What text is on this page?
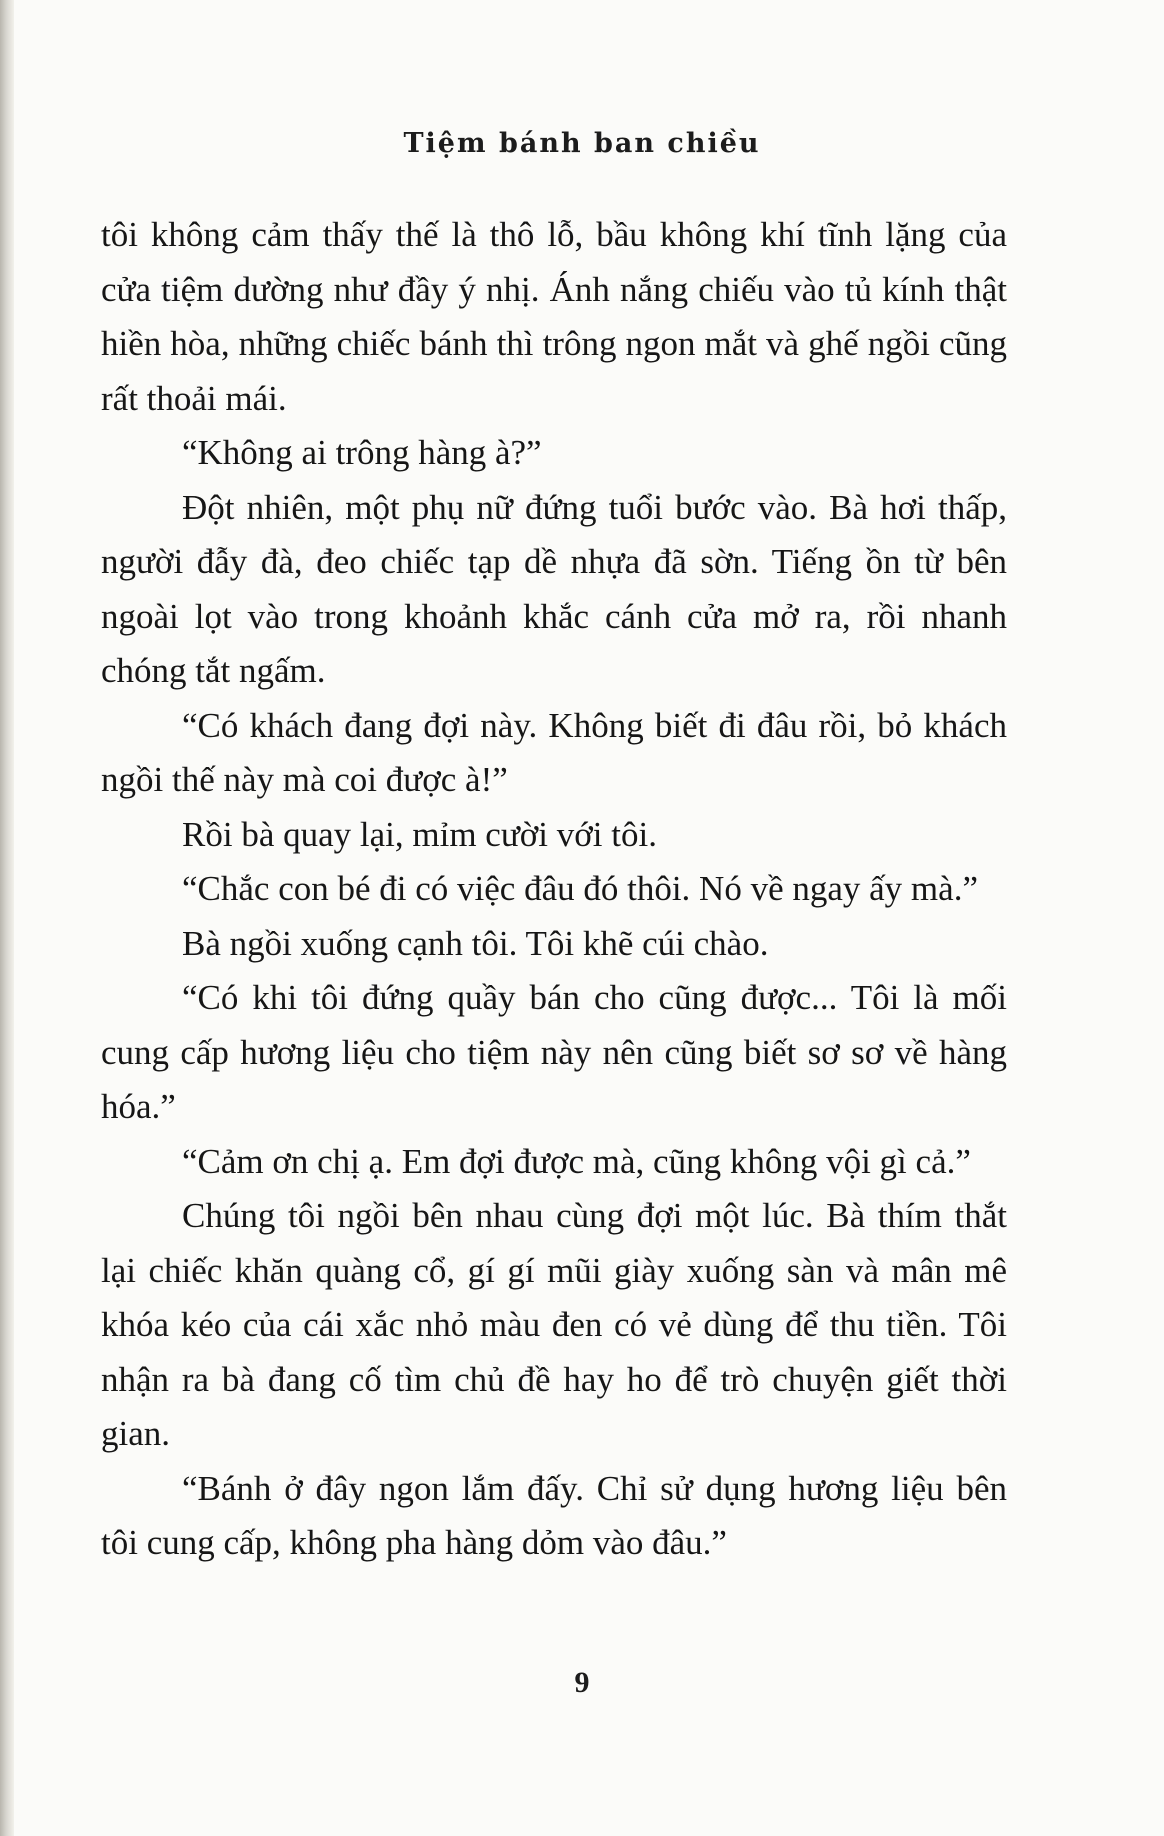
Tiệm bánh ban chiều

tôi không cảm thấy thế là thô lỗ, bầu không khí tĩnh lặng của cửa tiệm dường như đầy ý nhị. Ánh nắng chiếu vào tủ kính thật hiền hòa, những chiếc bánh thì trông ngon mắt và ghế ngồi cũng rất thoải mái.

“Không ai trông hàng à?”

Đột nhiên, một phụ nữ đứng tuổi bước vào. Bà hơi thấp, người đẫy đà, đeo chiếc tạp dề nhựa đã sờn. Tiếng ồn từ bên ngoài lọt vào trong khoảnh khắc cánh cửa mở ra, rồi nhanh chóng tắt ngấm.

“Có khách đang đợi này. Không biết đi đâu rồi, bỏ khách ngồi thế này mà coi được à!”

Rồi bà quay lại, mỉm cười với tôi.

“Chắc con bé đi có việc đâu đó thôi. Nó về ngay ấy mà.”

Bà ngồi xuống cạnh tôi. Tôi khẽ cúi chào.

“Có khi tôi đứng quầy bán cho cũng được... Tôi là mối cung cấp hương liệu cho tiệm này nên cũng biết sơ sơ về hàng hóa.”

“Cảm ơn chị ạ. Em đợi được mà, cũng không vội gì cả.”

Chúng tôi ngồi bên nhau cùng đợi một lúc. Bà thím thắt lại chiếc khăn quàng cổ, gí gí mũi giày xuống sàn và mân mê khóa kéo của cái xắc nhỏ màu đen có vẻ dùng để thu tiền. Tôi nhận ra bà đang cố tìm chủ đề hay ho để trò chuyện giết thời gian.

“Bánh ở đây ngon lắm đấy. Chỉ sử dụng hương liệu bên tôi cung cấp, không pha hàng dỏm vào đâu.”

9
